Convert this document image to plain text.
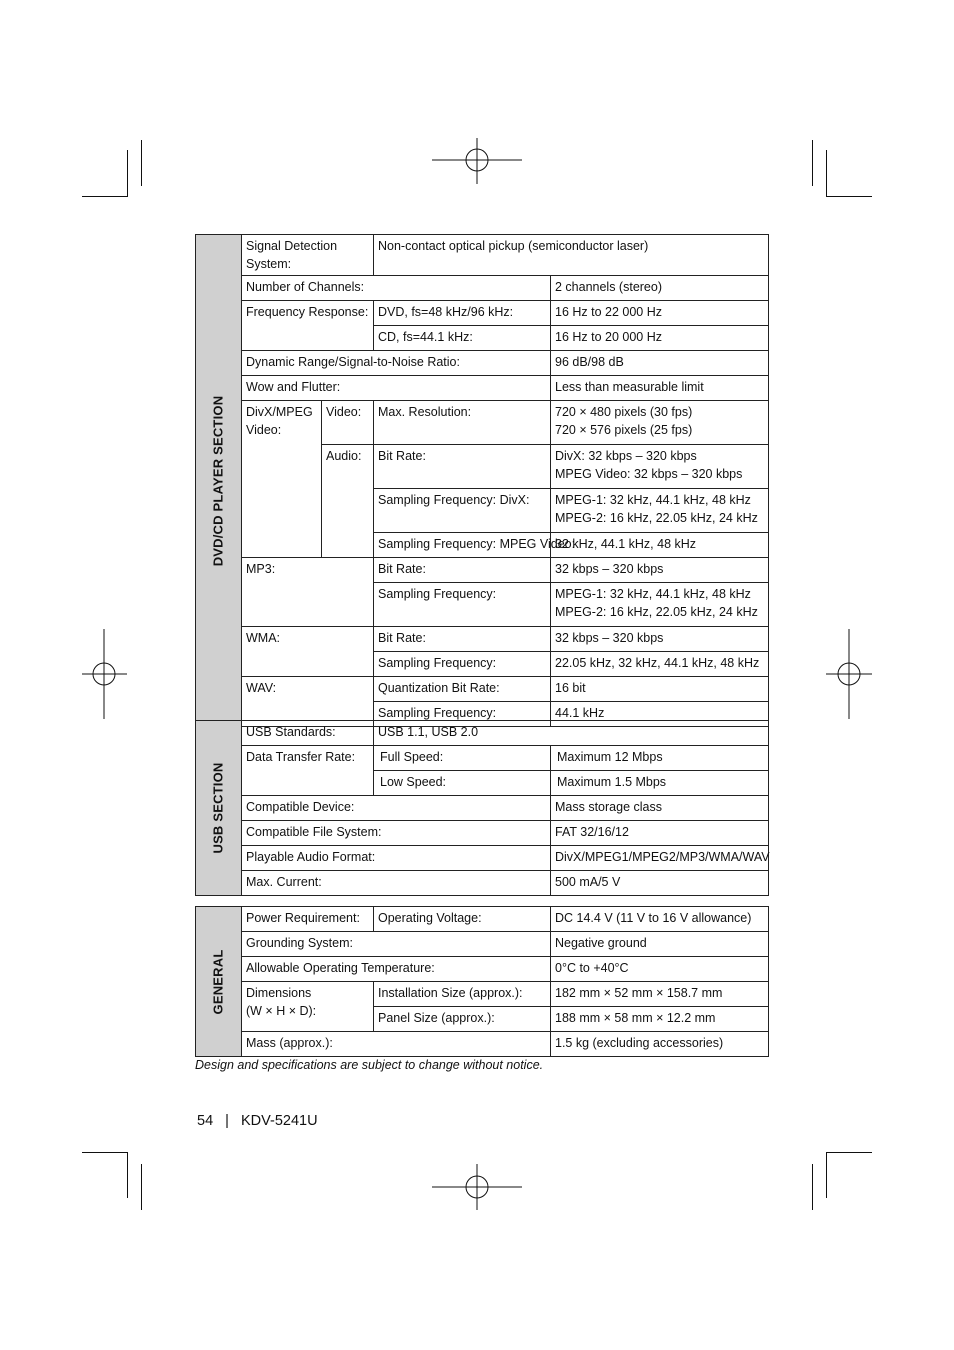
DVD/CD PLAYER SECTION	Signal Detection System:		Non-contact optical pickup (semiconductor laser)	
	Number of Channels:			2 channels (stereo)
	Frequency Response:		DVD, fs=48 kHz/96 kHz:	16 Hz to 22 000 Hz
			CD, fs=44.1 kHz:	16 Hz to 20 000 Hz
	Dynamic Range/Signal-to-Noise Ratio:			96 dB/98 dB
	Wow and Flutter:			Less than measurable limit
	DivX/MPEG Video:	Video:	Max. Resolution:	720 × 480 pixels (30 fps)
720 × 576 pixels (25 fps)

		Audio:	Bit Rate:	DivX: 32 kbps – 320 kbps
MPEG Video: 32 kbps – 320 kbps

			Sampling Frequency: DivX:	MPEG-1: 32 kHz, 44.1 kHz, 48 kHz
MPEG-2: 16 kHz, 22.05 kHz, 24 kHz

			Sampling Frequency: MPEG Video:	32 kHz, 44.1 kHz, 48 kHz
	MP3:		Bit Rate:	32 kbps – 320 kbps
			Sampling Frequency:	MPEG-1: 32 kHz, 44.1 kHz, 48 kHz
MPEG-2: 16 kHz, 22.05 kHz, 24 kHz

	WMA:		Bit Rate:	32 kbps – 320 kbps
			Sampling Frequency:	22.05 kHz, 32 kHz, 44.1 kHz, 48 kHz
	WAV:		Quantization Bit Rate:	16 bit
			Sampling Frequency:	44.1 kHz
USB SECTION	USB Standards:	USB 1.1, USB 2.0	
	Data Transfer Rate:	Full Speed:	Maximum 12 Mbps
		Low Speed:	Maximum 1.5 Mbps
	Compatible Device:		Mass storage class
	Compatible File System:		FAT 32/16/12
	Playable Audio Format:		DivX/MPEG1/MPEG2/MP3/WMA/WAV
	Max. Current:		500 mA/5 V
GENERAL	Power Requirement:	Operating Voltage:	DC 14.4 V (11 V to 16 V allowance)
	Grounding System:		Negative ground
	Allowable Operating Temperature:		0°C to +40°C

	Dimensions
(W × H × D):	Installation Size (approx.):	182 mm × 52 mm × 158.7 mm
		Panel Size (approx.):	188 mm × 58 mm × 12.2 mm
	Mass (approx.):		1.5 kg (excluding accessories)
Design and specifications are subject to change without notice.
54 | KDV-5241U
